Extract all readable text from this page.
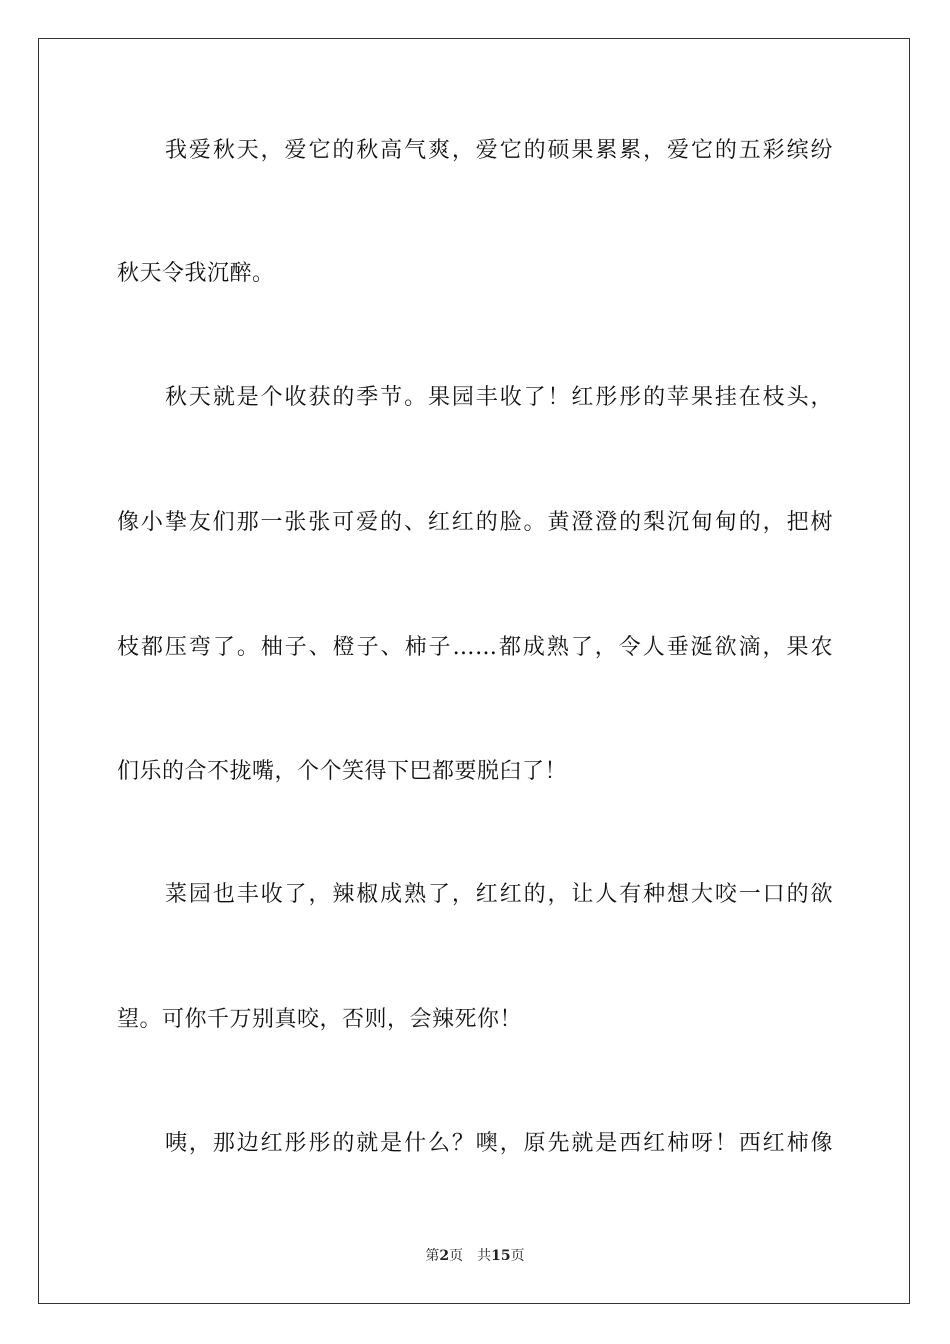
我爱秋天，爱它的秋高气爽，爱它的硕果累累，爱它的五彩缤纷
秋天令我沉醉。
秋天就是个收获的季节。果园丰收了！红彤彤的苹果挂在枝头，
像小挚友们那一张张可爱的、红红的脸。黄澄澄的梨沉甸甸的，把树
枝都压弯了。柚子、橙子、柿子……都成熟了，令人垂涎欲滴，果农
们乐的合不拢嘴，个个笑得下巴都要脱臼了！
菜园也丰收了，辣椒成熟了，红红的，让人有种想大咬一口的欲
望。可你千万别真咬，否则，会辣死你！
咦，那边红彤彤的就是什么？噢，原先就是西红柿呀！西红柿像
第2页 共15页
